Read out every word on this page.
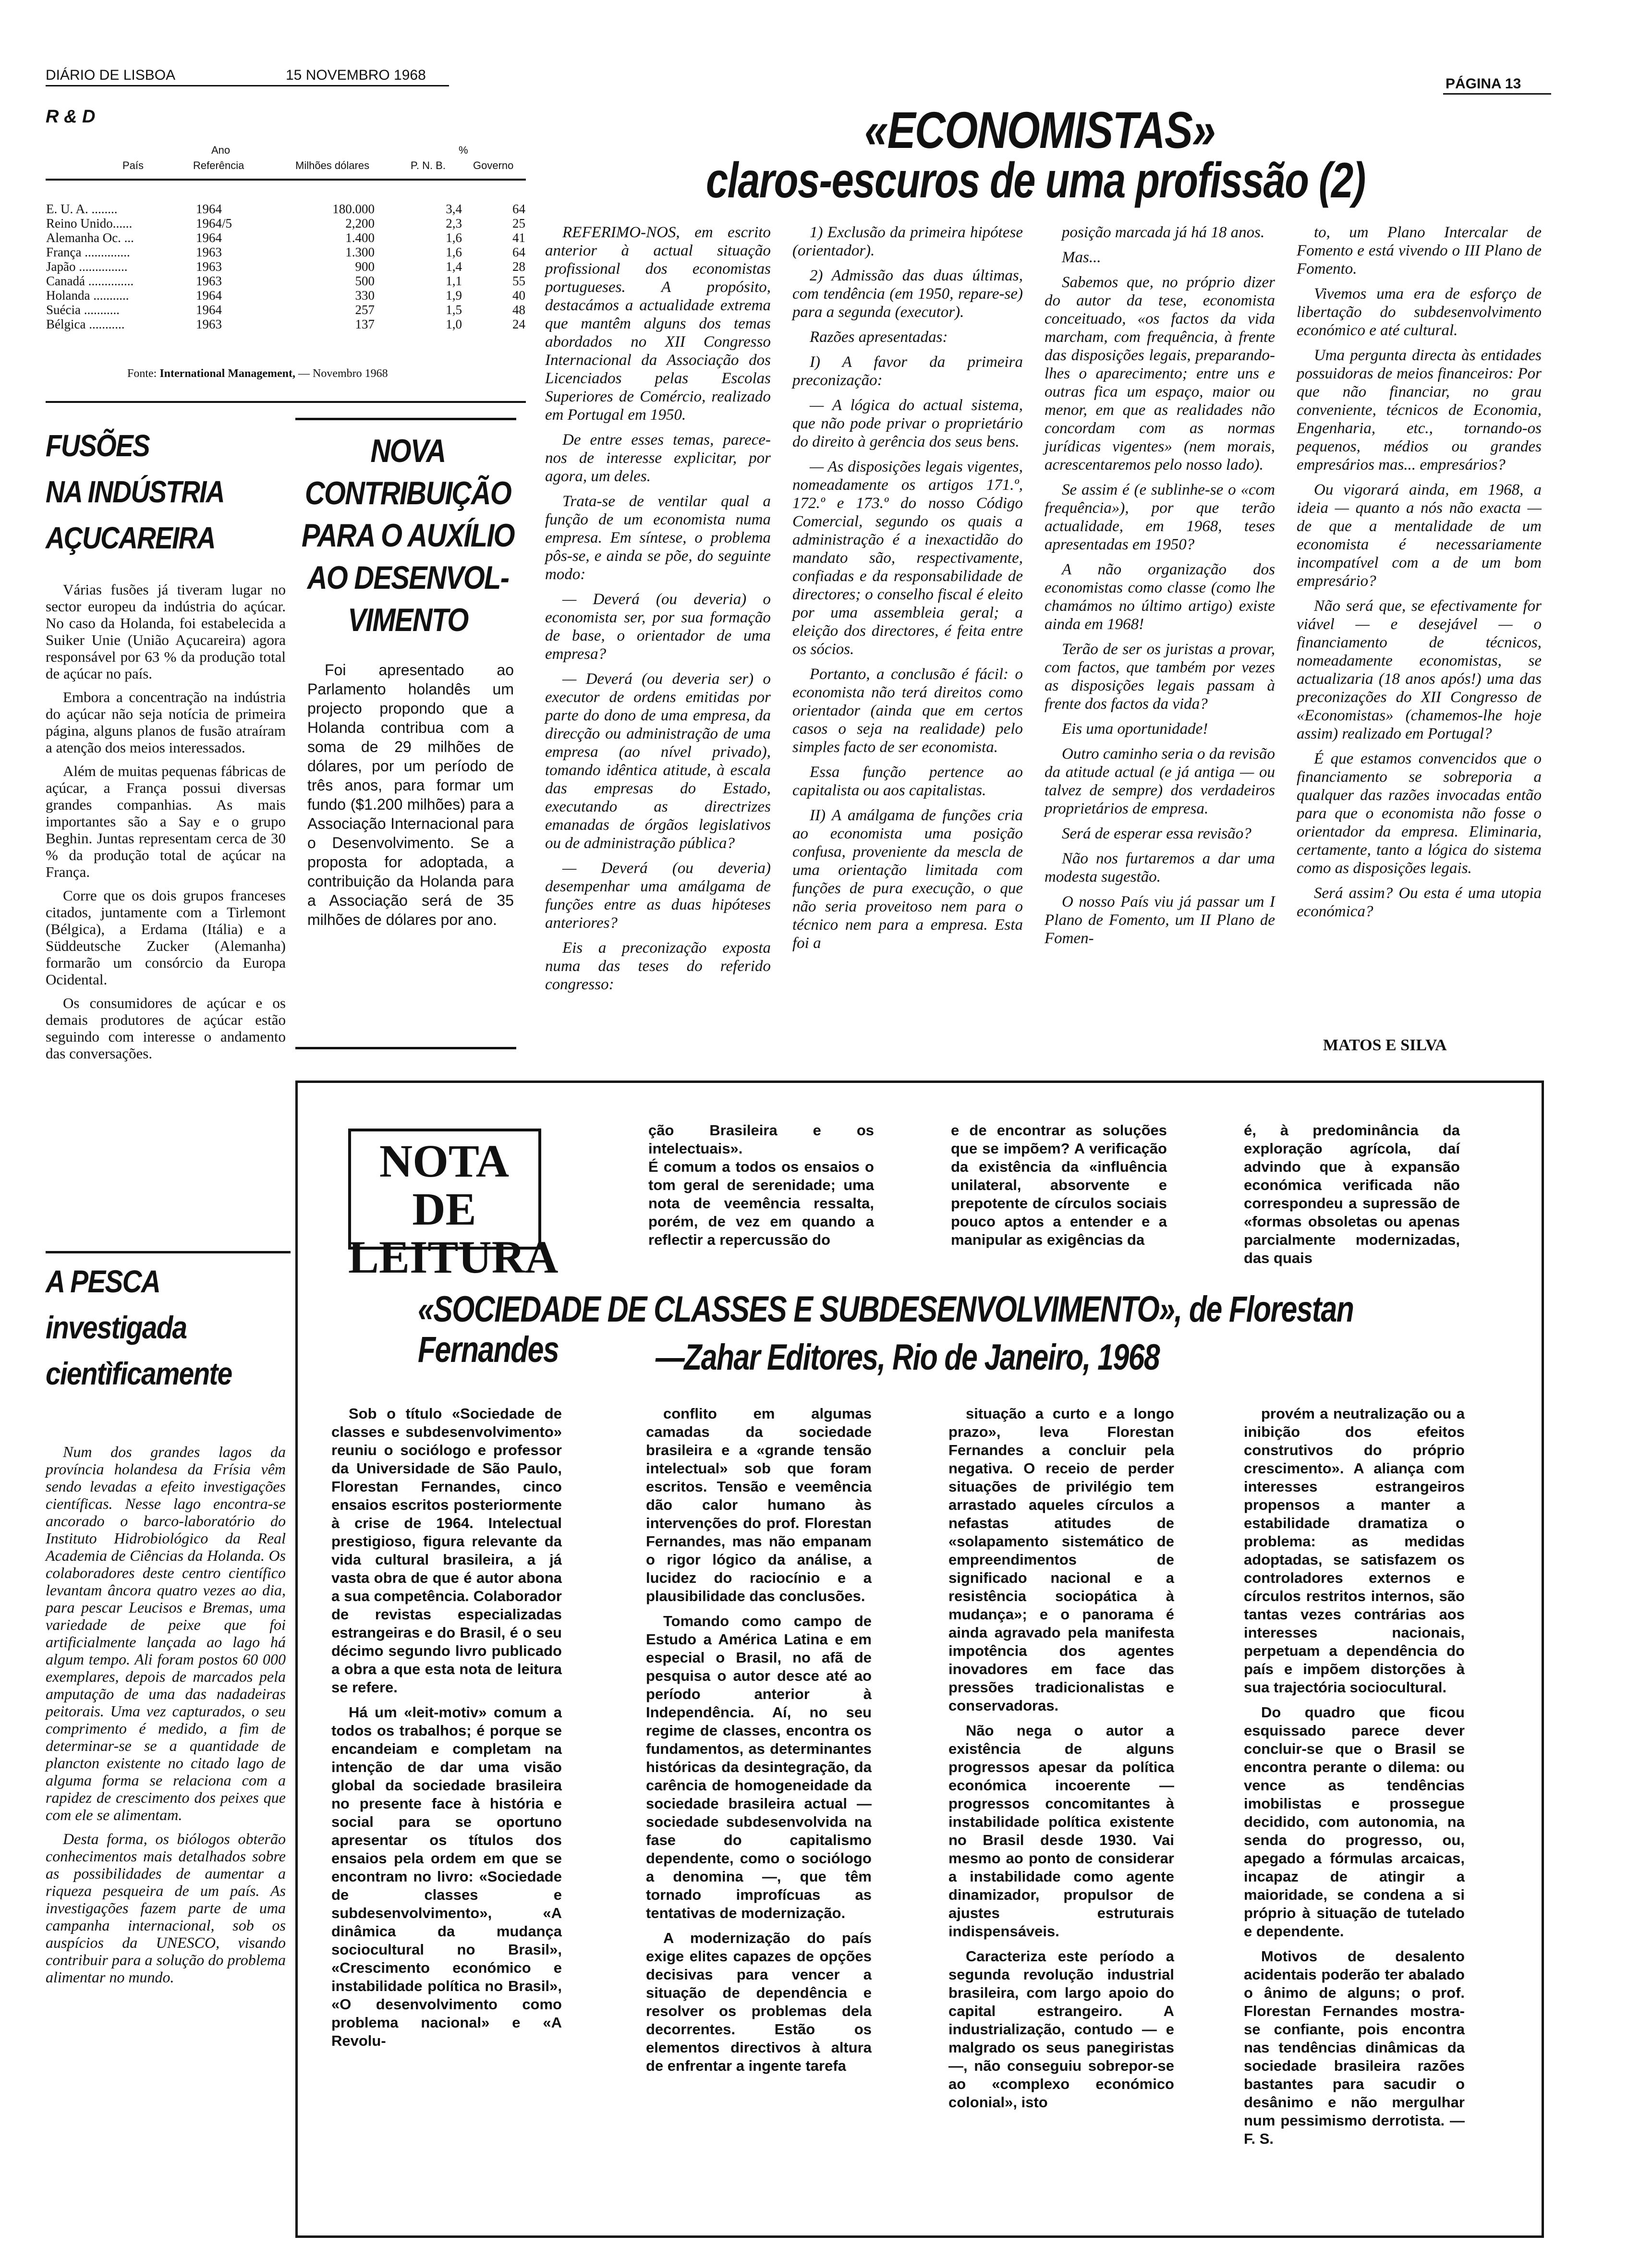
DIÁRIO DE LISBOA	15 NOVEMBRO 1968
PÁGINA 13
R & D
Ano	%
País	Referência	Milhões dólares	P. N. B.	Governo
E. U. A. ........	1964	180.000	3,4	64
Reino Unido......	1964/5	2,200	2,3	25
Alemanha Oc. ...	1964	1.400	1,6	41
França ..............	1963	1.300	1,6	64
Japão ...............	1963	900	1,4	28
Canadá ..............	1963	500	1,1	55
Holanda ...........	1964	330	1,9	40
Suécia ...........	1964	257	1,5	48
Bélgica ...........	1963	137	1,0	24
Fonte: International Management, — Novembro 1968
«ECONOMISTAS»
claros-escuros de uma profissão (2)

REFERIMO-NOS, em escrito anterior à actual situação profissional dos economistas portugueses. A propósito, destacámos a actualidade extrema que mantêm alguns dos temas abordados no XII Congresso Internacional da Associação dos Licenciados pelas Escolas Superiores de Comércio, realizado em Portugal em 1950.

De entre esses temas, parece-nos de interesse explicitar, por agora, um deles.

Trata-se de ventilar qual a função de um economista numa empresa. Em síntese, o problema pôs-se, e ainda se põe, do seguinte modo:

— Deverá (ou deveria) o economista ser, por sua formação de base, o orientador de uma empresa?

— Deverá (ou deveria ser) o executor de ordens emitidas por parte do dono de uma empresa, da direcção ou administração de uma empresa (ao nível privado), tomando idêntica atitude, à escala das empresas do Estado, executando as directrizes emanadas de órgãos legislativos ou de administração pública?

— Deverá (ou deveria) desempenhar uma amálgama de funções entre as duas hipóteses anteriores?

Eis a preconização exposta numa das teses do referido congresso:

1) Exclusão da primeira hipótese (orientador).

2) Admissão das duas últimas, com tendência (em 1950, repare-se) para a segunda (executor).

Razões apresentadas:

I) A favor da primeira preconização:

— A lógica do actual sistema, que não pode privar o proprietário do direito à gerência dos seus bens.

— As disposições legais vigentes, nomeadamente os artigos 171.º, 172.º e 173.º do nosso Código Comercial, segundo os quais a administração é a inexactidão do mandato são, respectivamente, confiadas e da responsabilidade de directores; o conselho fiscal é eleito por uma assembleia geral; a eleição dos directores, é feita entre os sócios.

Portanto, a conclusão é fácil: o economista não terá direitos como orientador (ainda que em certos casos o seja na realidade) pelo simples facto de ser economista.

Essa função pertence ao capitalista ou aos capitalistas.

II) A amálgama de funções cria ao economista uma posição confusa, proveniente da mescla de uma orientação limitada com funções de pura execução, o que não seria proveitoso nem para o técnico nem para a empresa. Esta foi a

posição marcada já há 18 anos.

Mas...

Sabemos que, no próprio dizer do autor da tese, economista conceituado, «os factos da vida marcham, com frequência, à frente das disposições legais, preparando-lhes o aparecimento; entre uns e outras fica um espaço, maior ou menor, em que as realidades não concordam com as normas jurídicas vigentes» (nem morais, acrescentaremos pelo nosso lado).

Se assim é (e sublinhe-se o «com frequência»), por que terão actualidade, em 1968, teses apresentadas em 1950?

A não organização dos economistas como classe (como lhe chamámos no último artigo) existe ainda em 1968!

Terão de ser os juristas a provar, com factos, que também por vezes as disposições legais passam à frente dos factos da vida?

Eis uma oportunidade!

Outro caminho seria o da revisão da atitude actual (e já antiga — ou talvez de sempre) dos verdadeiros proprietários de empresa.

Será de esperar essa revisão?

Não nos furtaremos a dar uma modesta sugestão.

O nosso País viu já passar um I Plano de Fomento, um II Plano de Fomen-

to, um Plano Intercalar de Fomento e está vivendo o III Plano de Fomento.

Vivemos uma era de esforço de libertação do subdesenvolvimento económico e até cultural.

Uma pergunta directa às entidades possuidoras de meios financeiros: Por que não financiar, no grau conveniente, técnicos de Economia, Engenharia, etc., tornando-os pequenos, médios ou grandes empresários mas... empresários?

Ou vigorará ainda, em 1968, a ideia — quanto a nós não exacta — de que a mentalidade de um economista é necessariamente incompatível com a de um bom empresário?

Não será que, se efectivamente for viável — e desejável — o financiamento de técnicos, nomeadamente economistas, se actualizaria (18 anos após!) uma das preconizações do XII Congresso de «Economistas» (chamemos-lhe hoje assim) realizado em Portugal?

É que estamos convencidos que o financiamento se sobreporia a qualquer das razões invocadas então para que o economista não fosse o orientador da empresa. Eliminaria, certamente, tanto a lógica do sistema como as disposições legais.

Será assim? Ou esta é uma utopia económica?

MATOS E SILVA
FUSÕES
NA INDÚSTRIA
AÇUCAREIRA

Várias fusões já tiveram lugar no sector europeu da indústria do açúcar. No caso da Holanda, foi estabelecida a Suiker Unie (União Açucareira) agora responsável por 63 % da produção total de açúcar no país.

Embora a concentração na indústria do açúcar não seja notícia de primeira página, alguns planos de fusão atraíram a atenção dos meios interessados.

Além de muitas pequenas fábricas de açúcar, a França possui diversas grandes companhias. As mais importantes são a Say e o grupo Beghin. Juntas representam cerca de 30 % da produção total de açúcar na França.

Corre que os dois grupos franceses citados, juntamente com a Tirlemont (Bélgica), a Erdama (Itália) e a Süddeutsche Zucker (Alemanha) formarão um consórcio da Europa Ocidental.

Os consumidores de açúcar e os demais produtores de açúcar estão seguindo com interesse o andamento das conversações.

NOVA
CONTRIBUIÇÃO
PARA O AUXÍLIO
AO DESENVOL-
VIMENTO

Foi apresentado ao Parlamento holandês um projecto propondo que a Holanda contribua com a soma de 29 milhões de dólares, por um período de três anos, para formar um fundo ($1.200 milhões) para a Associação Internacional para o Desenvolvimento. Se a proposta for adoptada, a contribuição da Holanda para a Associação será de 35 milhões de dólares por ano.

A PESCA
investigada
cientìficamente

Num dos grandes lagos da província holandesa da Frísia vêm sendo levadas a efeito investigações científicas. Nesse lago encontra-se ancorado o barco-laboratório do Instituto Hidrobiológico da Real Academia de Ciências da Holanda. Os colaboradores deste centro científico levantam âncora quatro vezes ao dia, para pescar Leucisos e Bremas, uma variedade de peixe que foi artificialmente lançada ao lago há algum tempo. Ali foram postos 60 000 exemplares, depois de marcados pela amputação de uma das nadadeiras peitorais. Uma vez capturados, o seu comprimento é medido, a fim de determinar-se se a quantidade de plancton existente no citado lago de alguma forma se relaciona com a rapidez de crescimento dos peixes que com ele se alimentam.

Desta forma, os biólogos obterão conhecimentos mais detalhados sobre as possibilidades de aumentar a riqueza pesqueira de um país. As investigações fazem parte de uma campanha internacional, sob os auspícios da UNESCO, visando contribuir para a solução do problema alimentar no mundo.

NOTA DE
LEITURA
ção Brasileira e os intelectuais».
É comum a todos os ensaios o tom geral de serenidade; uma nota de veemência ressalta, porém, de vez em quando a reflectir a repercussão do
e de encontrar as soluções que se impõem? A verificação da existência da «influência unilateral, absorvente e prepotente de círculos sociais pouco aptos a entender e a manipular as exigências da
é, à predominância da exploração agrícola, daí advindo que à expansão económica verificada não correspondeu a supressão de «formas obsoletas ou apenas parcialmente modernizadas, das quais
«SOCIEDADE DE CLASSES E SUBDESENVOLVIMENTO», de Florestan Fernandes	—Zahar Editores, Rio de Janeiro, 1968

Sob o título «Sociedade de classes e subdesenvolvimento» reuniu o sociólogo e professor da Universidade de São Paulo, Florestan Fernandes, cinco ensaios escritos posteriormente à crise de 1964. Intelectual prestigioso, figura relevante da vida cultural brasileira, a já vasta obra de que é autor abona a sua competência. Colaborador de revistas especializadas estrangeiras e do Brasil, é o seu décimo segundo livro publicado a obra a que esta nota de leitura se refere.

Há um «leit-motiv» comum a todos os trabalhos; é porque se encandeiam e completam na intenção de dar uma visão global da sociedade brasileira no presente face à história e social para se oportuno apresentar os títulos dos ensaios pela ordem em que se encontram no livro: «Sociedade de classes e subdesenvolvimento», «A dinâmica da mudança sociocultural no Brasil», «Crescimento económico e instabilidade política no Brasil», «O desenvolvimento como problema nacional» e «A Revolu-

conflito em algumas camadas da sociedade brasileira e a «grande tensão intelectual» sob que foram escritos. Tensão e veemência dão calor humano às intervenções do prof. Florestan Fernandes, mas não empanam o rigor lógico da análise, a lucidez do raciocínio e a plausibilidade das conclusões.

Tomando como campo de Estudo a América Latina e em especial o Brasil, no afã de pesquisa o autor desce até ao período anterior à Independência. Aí, no seu regime de classes, encontra os fundamentos, as determinantes históricas da desintegração, da carência de homogeneidade da sociedade brasileira actual — sociedade subdesenvolvida na fase do capitalismo dependente, como o sociólogo a denomina —, que têm tornado improfícuas as tentativas de modernização.

A modernização do país exige elites capazes de opções decisivas para vencer a situação de dependência e resolver os problemas dela decorrentes. Estão os elementos directivos à altura de enfrentar a ingente tarefa

situação a curto e a longo prazo», leva Florestan Fernandes a concluir pela negativa. O receio de perder situações de privilégio tem arrastado aqueles círculos a nefastas atitudes de «solapamento sistemático de empreendimentos de significado nacional e a resistência sociopática à mudança»; e o panorama é ainda agravado pela manifesta impotência dos agentes inovadores em face das pressões tradicionalistas e conservadoras.

Não nega o autor a existência de alguns progressos apesar da política económica incoerente — progressos concomitantes à instabilidade política existente no Brasil desde 1930. Vai mesmo ao ponto de considerar a instabilidade como agente dinamizador, propulsor de ajustes estruturais indispensáveis.

Caracteriza este período a segunda revolução industrial brasileira, com largo apoio do capital estrangeiro. A industrialização, contudo — e malgrado os seus panegiristas —, não conseguiu sobrepor-se ao «complexo económico colonial», isto

provém a neutralização ou a inibição dos efeitos construtivos do próprio crescimento». A aliança com interesses estrangeiros propensos a manter a estabilidade dramatiza o problema: as medidas adoptadas, se satisfazem os controladores externos e círculos restritos internos, são tantas vezes contrárias aos interesses nacionais, perpetuam a dependência do país e impõem distorções à sua trajectória sociocultural.

Do quadro que ficou esquissado parece dever concluir-se que o Brasil se encontra perante o dilema: ou vence as tendências imobilistas e prossegue decidido, com autonomia, na senda do progresso, ou, apegado a fórmulas arcaicas, incapaz de atingir a maioridade, se condena a si próprio à situação de tutelado e dependente.

Motivos de desalento acidentais poderão ter abalado o ânimo de alguns; o prof. Florestan Fernandes mostra-se confiante, pois encontra nas tendências dinâmicas da sociedade brasileira razões bastantes para sacudir o desânimo e não mergulhar num pessimismo derrotista. — F. S.
